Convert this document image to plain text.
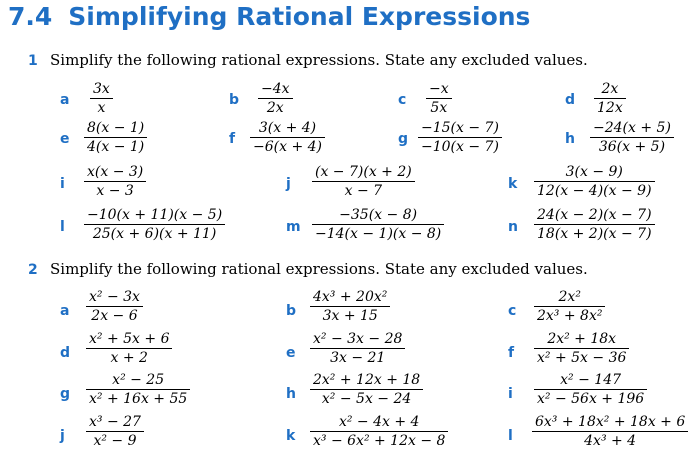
7.4 Simplifying Rational Expressions
1 Simplify the following rational expressions. State any excluded values.
a $\frac{3x}{x}$	b $\frac{-4x}{2x}$	c $\frac{-x}{5x}$	d $\frac{2x}{12x}$
e $\frac{8(x - 1)}{4(x - 1)}$	f $\frac{3(x + 4)}{-6(x + 4)}$	g $\frac{-15(x - 7)}{-10(x - 7)}$	h $\frac{-24(x + 5)}{36(x + 5)}$
i $\frac{x(x - 3)}{x - 3}$	j $\frac{(x - 7)(x + 2)}{x - 7}$	k $\frac{3(x - 9)}{12(x - 4)(x - 9)}$
l $\frac{-10(x + 11)(x - 5)}{25(x + 6)(x + 11)}$	m $\frac{-35(x - 8)}{-14(x - 1)(x - 8)}$	n $\frac{24(x - 2)(x - 7)}{18(x + 2)(x - 7)}$
2 Simplify the following rational expressions. State any excluded values.
a $\frac{\text{x² − 3x}}{2x - 6}$	b $\frac{\text{4x³ + 20x²}}{3x + 15}$	c $\frac{\text{2x²}}{\text{2x³ + 8x²}}$
d $\frac{\text{x² + 5x + 6}}{x + 2}$	e $\frac{\text{x² − 3x − 28}}{3x - 21}$	f $\frac{\text{2x² + 18x}}{\text{x² + 5x − 36}}$
g $\frac{\text{x² − 25}}{\text{x² + 16x + 55}}$	h $\frac{\text{2x² + 12x + 18}}{\text{x² − 5x − 24}}$	i $\frac{\text{x² − 147}}{\text{x² − 56x + 196}}$
j $\frac{\text{x³ − 27}}{\text{x² − 9}}$	k $\frac{\text{x² − 4x + 4}}{\text{x³ − 6x² + 12x − 8}}$	l $\frac{\text{6x³ + 18x² + 18x + 6}}{\text{4x³ + 4}}$
